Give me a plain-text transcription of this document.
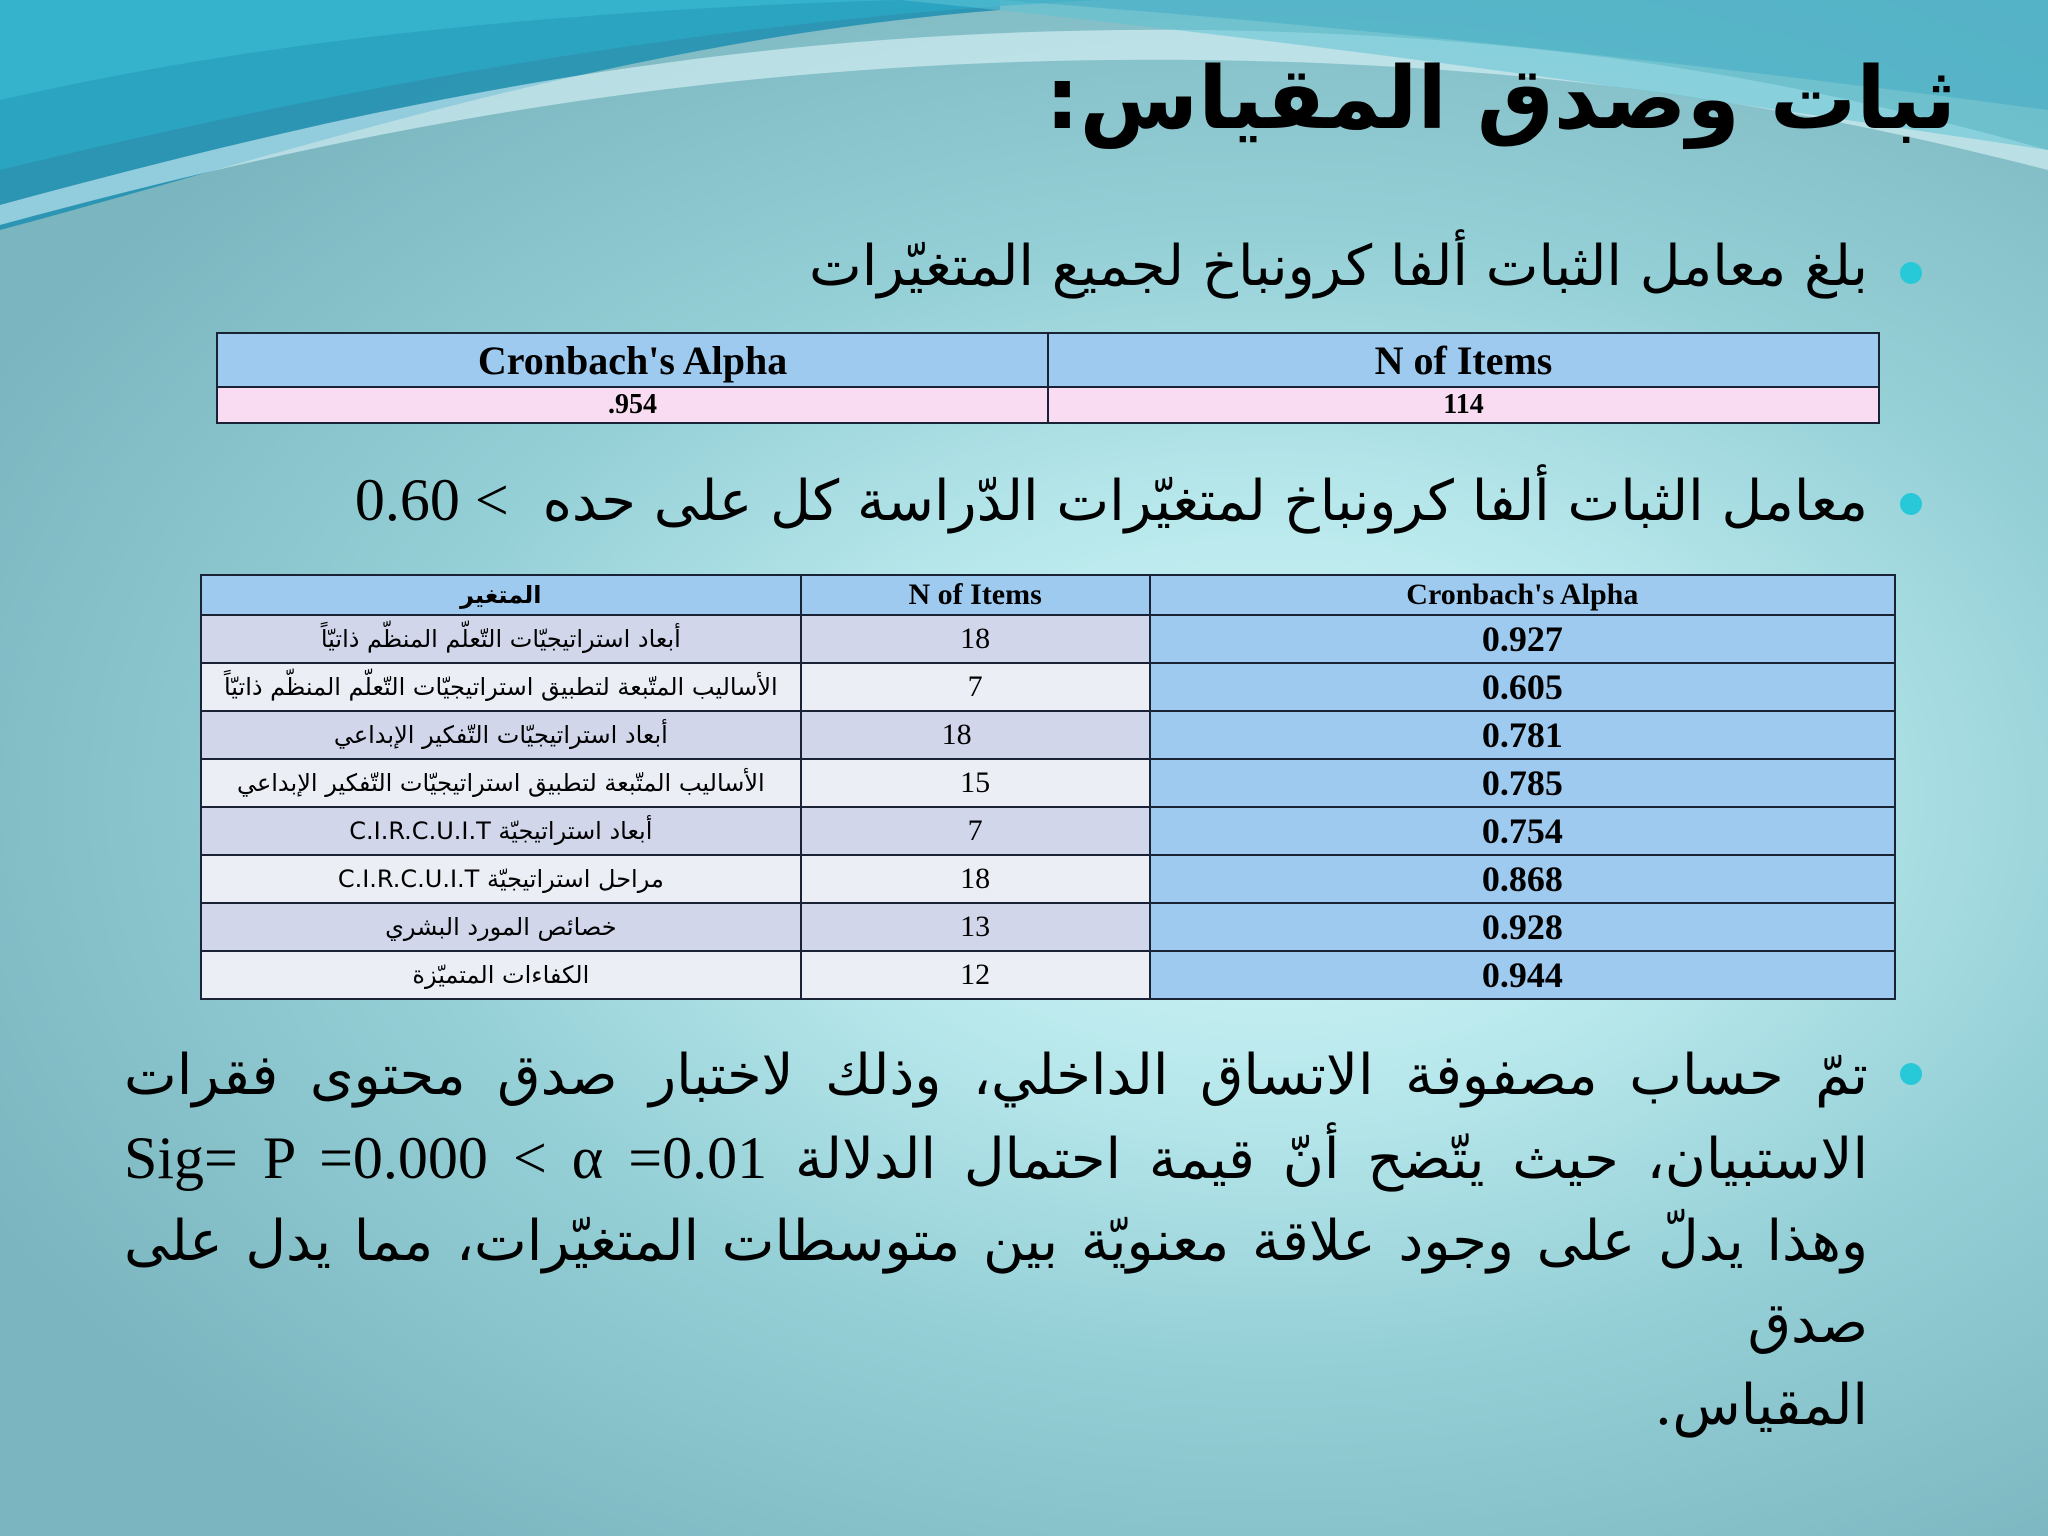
ثبات وصدق المقياس:

بلغ معامل الثبات ألفا كرونباخ لجميع المتغيّرات

Cronbach's Alpha	N of Items
.954	114

معامل الثبات ألفا كرونباخ لمتغيّرات الدّراسة كل على حده 0.60 <

المتغير	N of Items	Cronbach's Alpha
أبعاد استراتيجيّات التّعلّم المنظّم ذاتيّاً	18	0.927
الأساليب المتّبعة لتطبيق استراتيجيّات التّعلّم المنظّم ذاتيّاً	7	0.605
أبعاد استراتيجيّات التّفكير الإبداعي	18	0.781
الأساليب المتّبعة لتطبيق استراتيجيّات التّفكير الإبداعي	15	0.785
أبعاد استراتيجيّة C.I.R.C.U.I.T	7	0.754
مراحل استراتيجيّة C.I.R.C.U.I.T	18	0.868
خصائص المورد البشري	13	0.928
الكفاءات المتميّزة	12	0.944
تمّ حساب مصفوفة الاتساق الداخلي، وذلك لاختبار صدق محتوى فقرات
الاستبيان، حيث يتّضح أنّ قيمة احتمال الدلالة Sig= P =0.000 < α =0.01
وهذا يدلّ على وجود علاقة معنويّة بين متوسطات المتغيّرات، مما يدل على صدق
المقياس.
